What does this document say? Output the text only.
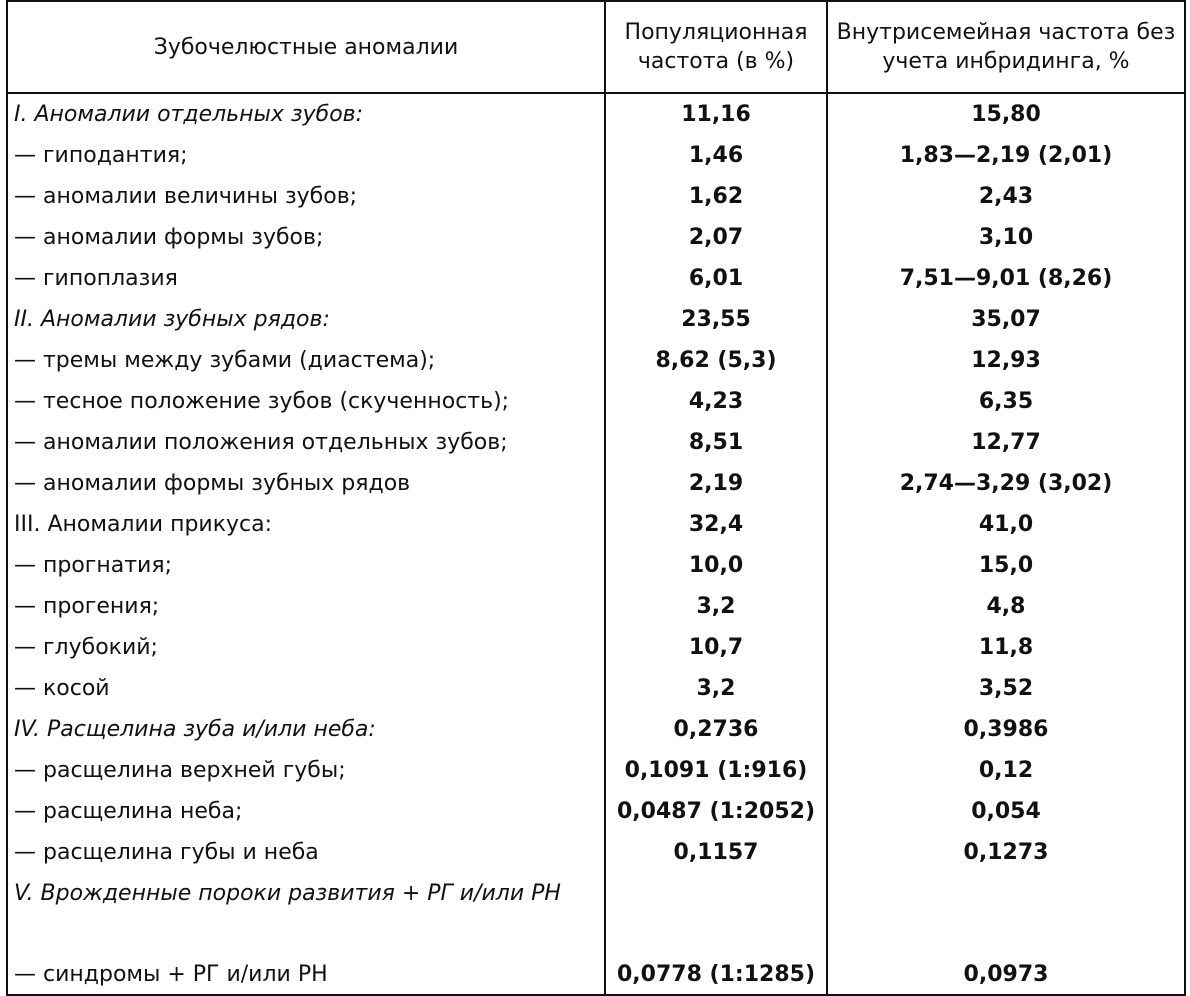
Зубочелюстные аномалии	Популяционная частота (в %)	Внутрисемейная частота без учета инбридинга, %
I. Аномалии отдельных зубов:	11,16	15,80
— гиподантия;	1,46	1,83—2,19 (2,01)
— аномалии величины зубов;	1,62	2,43
— аномалии формы зубов;	2,07	3,10
— гипоплазия	6,01	7,51—9,01 (8,26)
II. Аномалии зубных рядов:	23,55	35,07
— тремы между зубами (диастема);	8,62 (5,3)	12,93
— тесное положение зубов (скученность);	4,23	6,35
— аномалии положения отдельных зубов;	8,51	12,77
— аномалии формы зубных рядов	2,19	2,74—3,29 (3,02)
III. Аномалии прикуса:	32,4	41,0
— прогнатия;	10,0	15,0
— прогения;	3,2	4,8
— глубокий;	10,7	11,8
— косой	3,2	3,52
IV. Расщелина зуба и/или неба:	0,2736	0,3986
— расщелина верхней губы;	0,1091 (1:916)	0,12
— расщелина неба;	0,0487 (1:2052)	0,054
— расщелина губы и неба	0,1157	0,1273
V. Врожденные пороки развития + РГ и/или РН		
— синдромы + РГ и/или РН	0,0778 (1:1285)	0,0973
